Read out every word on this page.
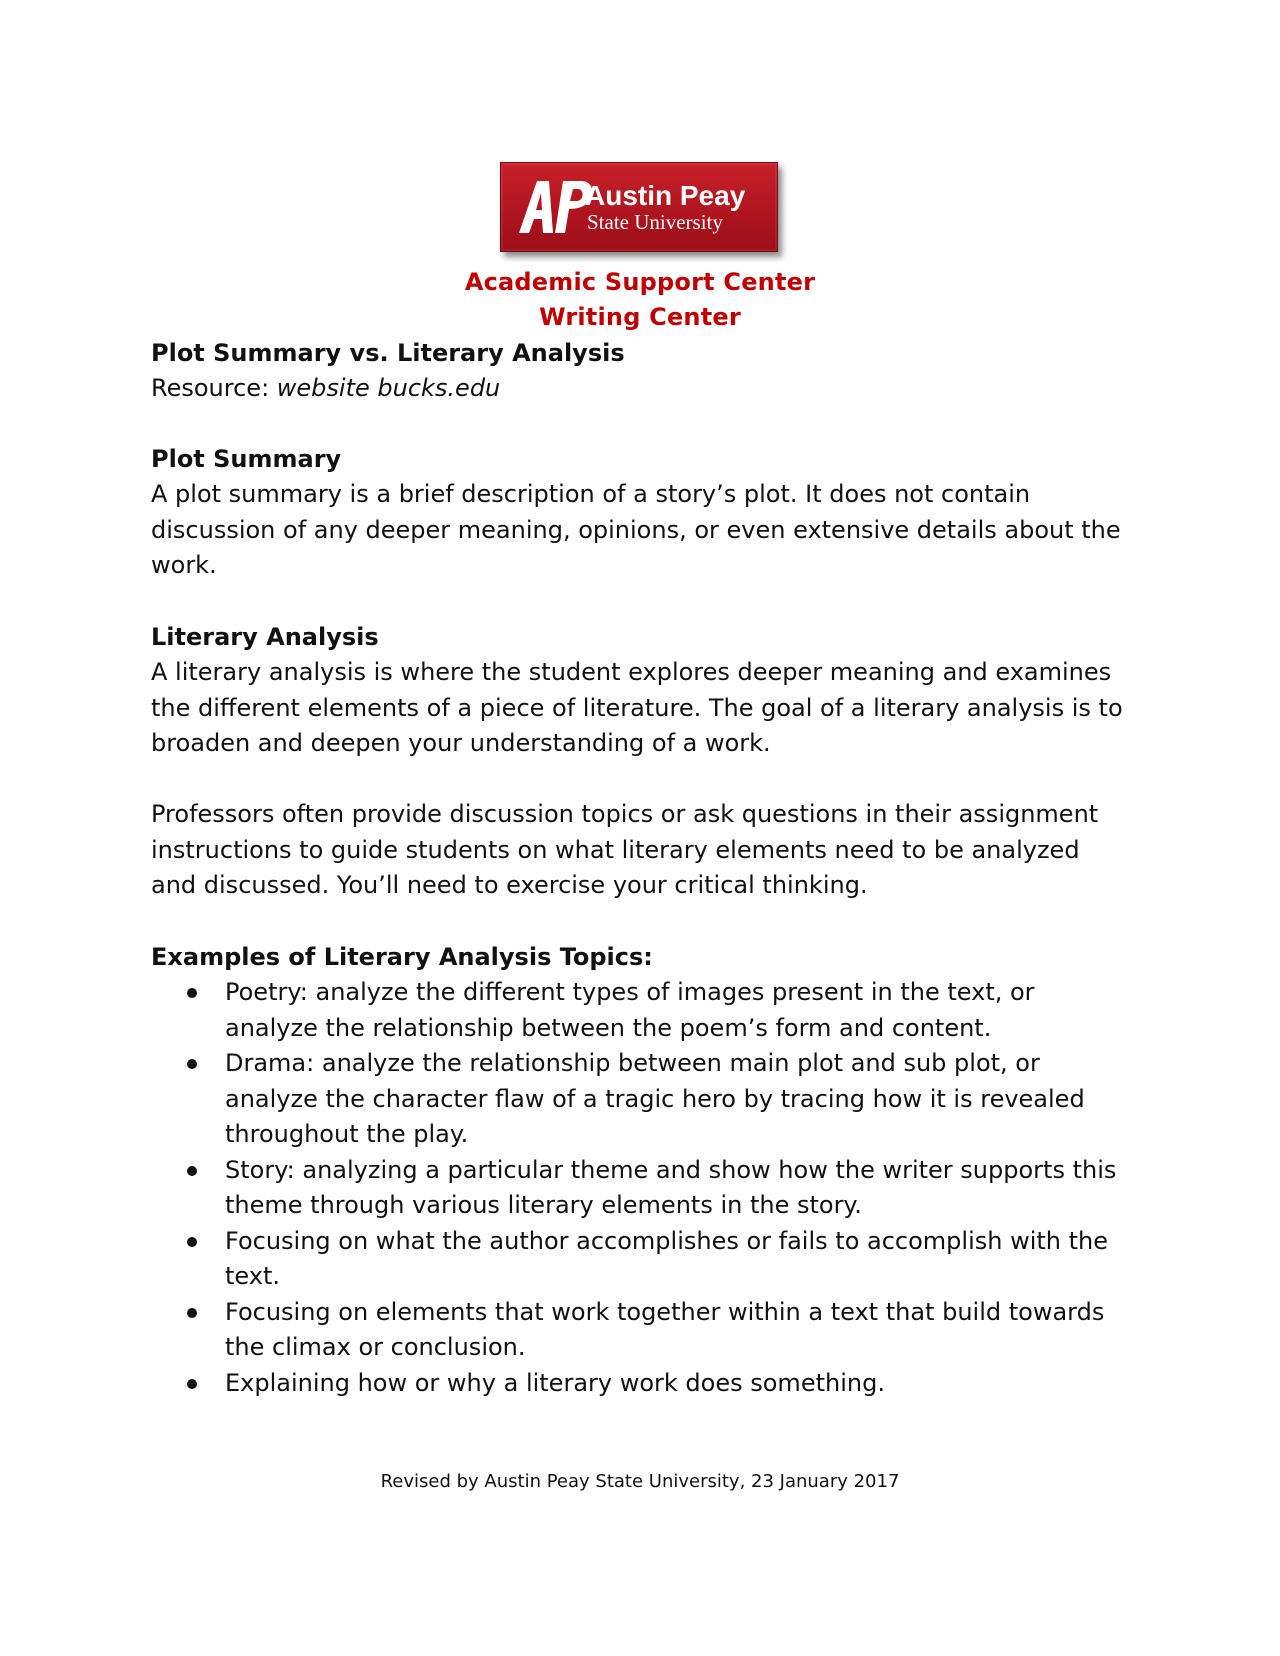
Austin Peay
State University
Academic Support Center
Writing Center
Plot Summary vs. Literary Analysis
Resource: website bucks.edu
Plot Summary
A plot summary is a brief description of a story’s plot. It does not contain discussion of any deeper meaning, opinions, or even extensive details about the work.
Literary Analysis
A literary analysis is where the student explores deeper meaning and examines the different elements of a piece of literature. The goal of a literary analysis is to broaden and deepen your understanding of a work.
Professors often provide discussion topics or ask questions in their assignment instructions to guide students on what literary elements need to be analyzed and discussed. You’ll need to exercise your critical thinking.
Examples of Literary Analysis Topics:
Poetry: analyze the different types of images present in the text, or analyze the relationship between the poem’s form and content.
Drama: analyze the relationship between main plot and sub plot, or analyze the character flaw of a tragic hero by tracing how it is revealed throughout the play.
Story: analyzing a particular theme and show how the writer supports this theme through various literary elements in the story.
Focusing on what the author accomplishes or fails to accomplish with the text.
Focusing on elements that work together within a text that build towards the climax or conclusion.
Explaining how or why a literary work does something.
Revised by Austin Peay State University, 23 January 2017
